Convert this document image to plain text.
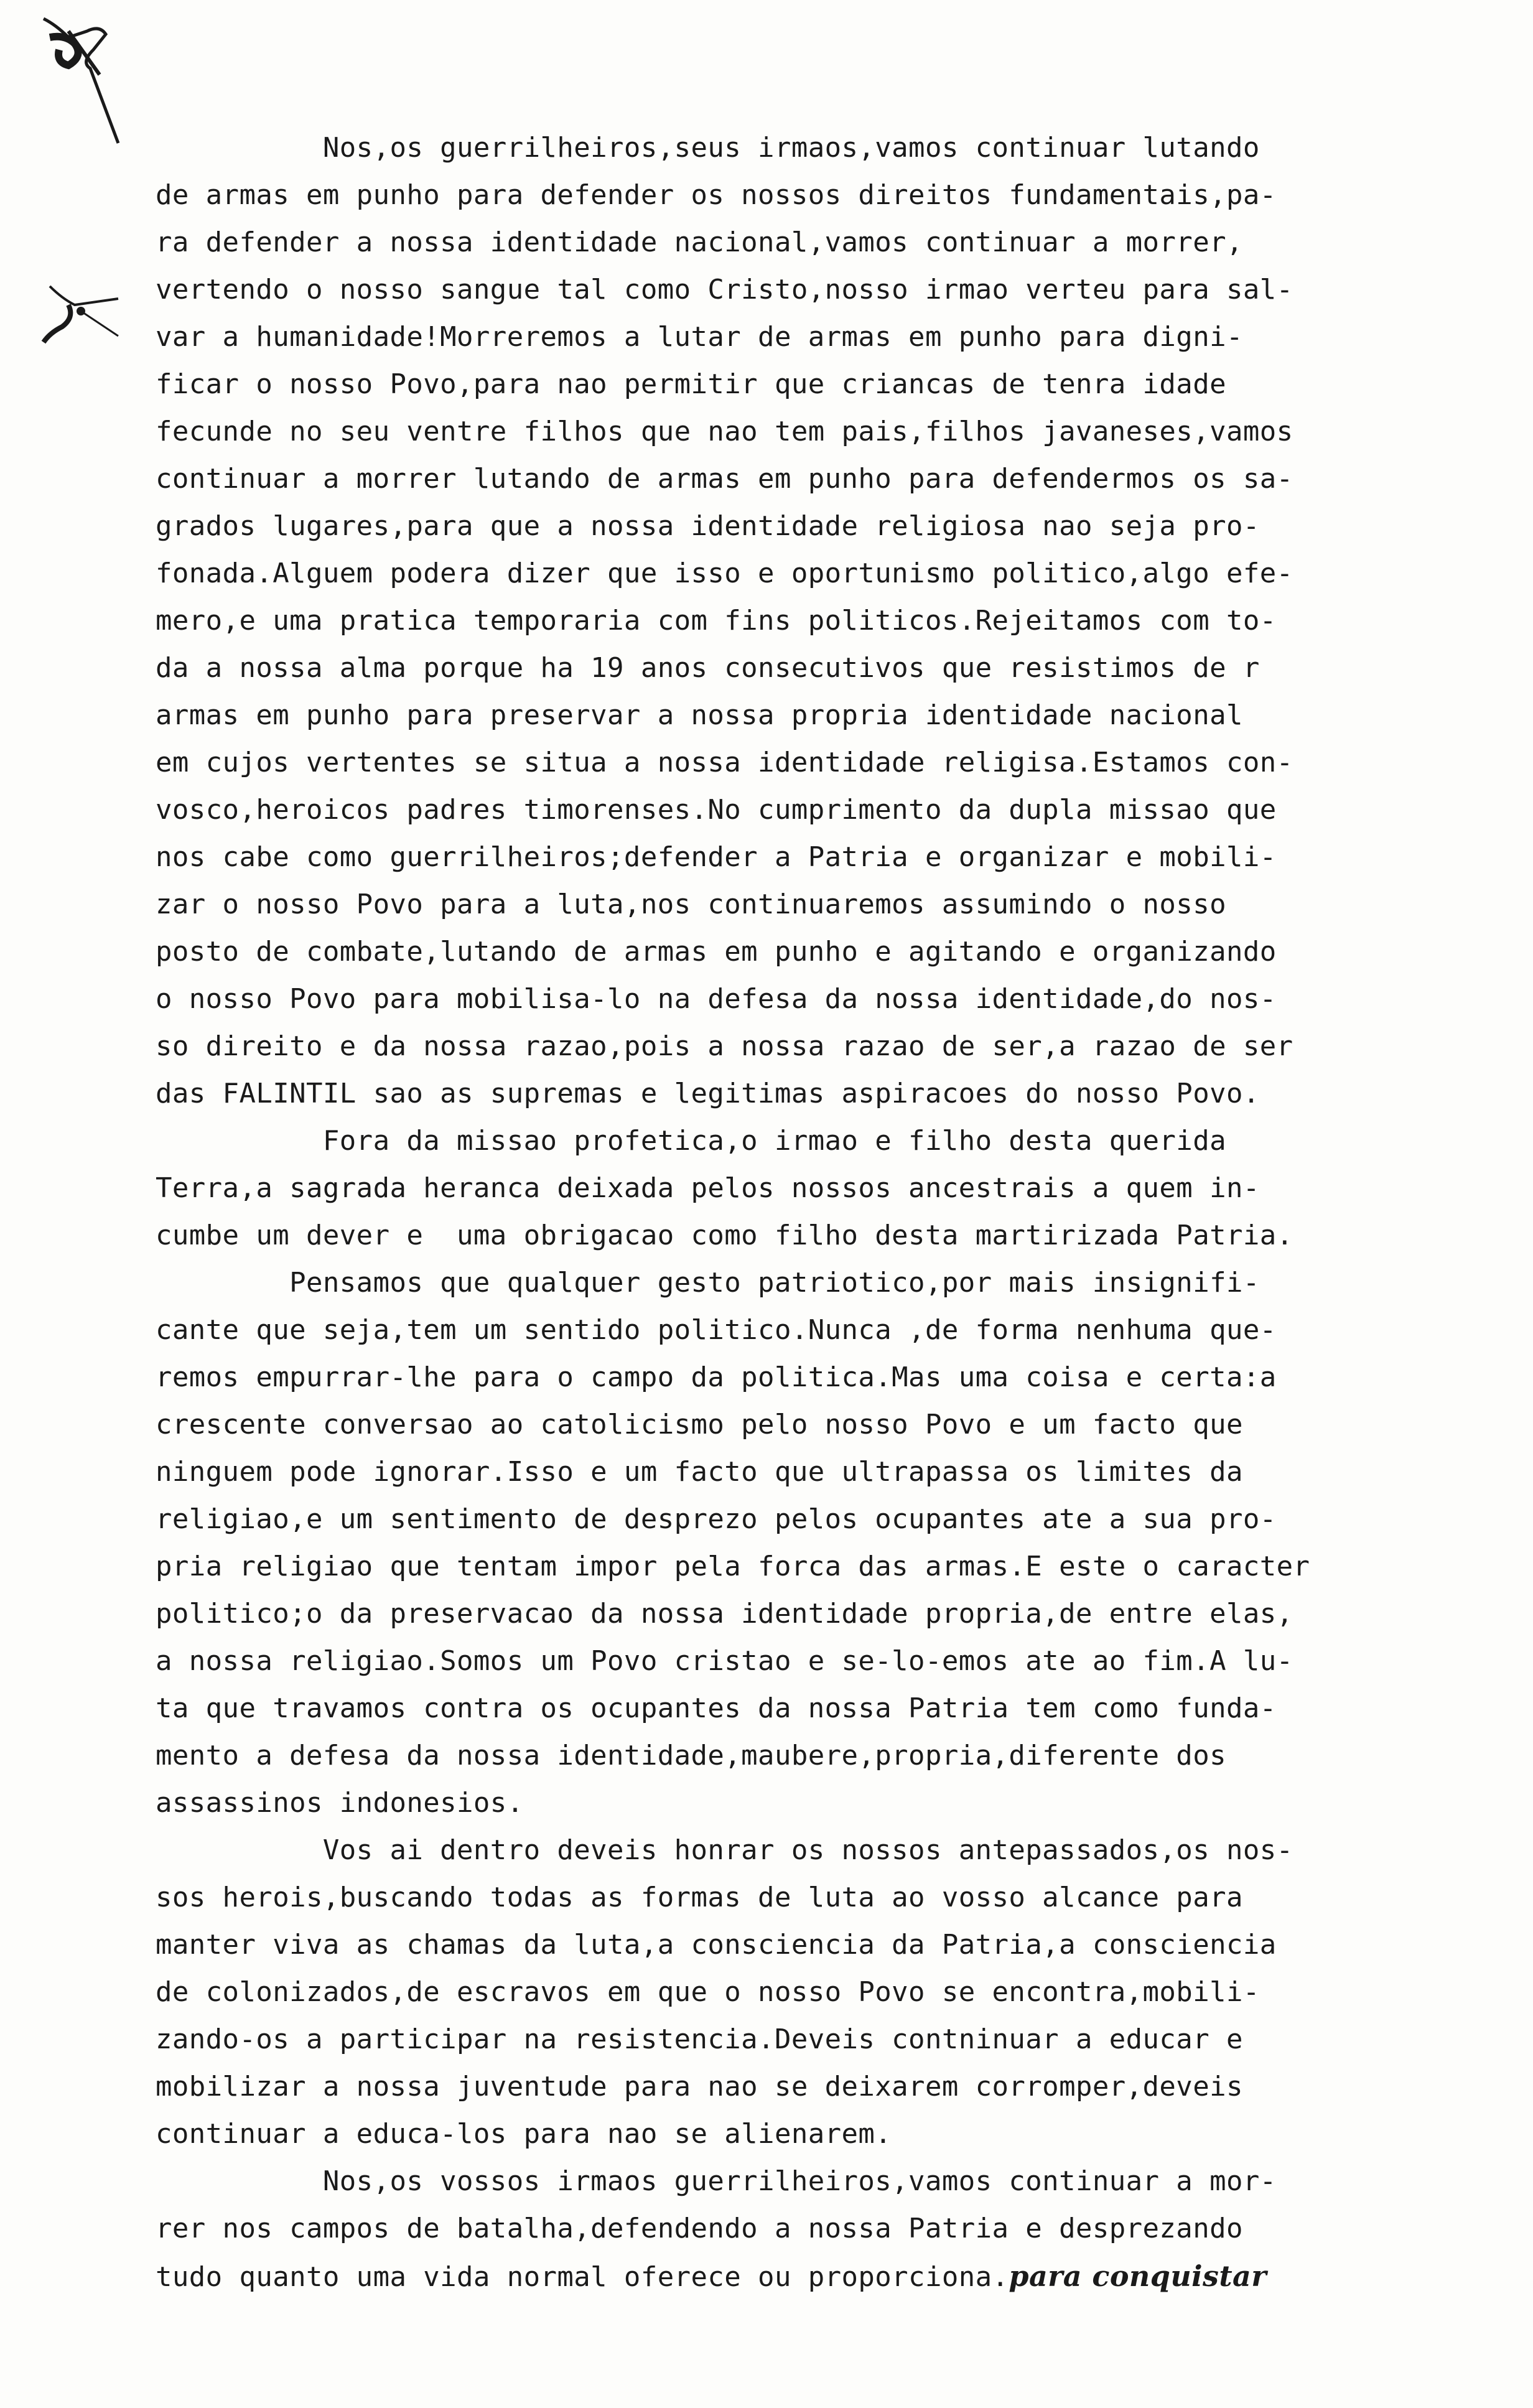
Nos,os guerrilheiros,seus irmaos,vamos continuar lutando
de armas em punho para defender os nossos direitos fundamentais,pa-
ra defender a nossa identidade nacional,vamos continuar a morrer,
vertendo o nosso sangue tal como Cristo,nosso irmao verteu para sal-
var a humanidade!Morreremos a lutar de armas em punho para digni-
ficar o nosso Povo,para nao permitir que criancas de tenra idade
fecunde no seu ventre filhos que nao tem pais,filhos javaneses,vamos
continuar a morrer lutando de armas em punho para defendermos os sa-
grados lugares,para que a nossa identidade religiosa nao seja pro-
fonada.Alguem podera dizer que isso e oportunismo politico,algo efe-
mero,e uma pratica temporaria com fins politicos.Rejeitamos com to-
da a nossa alma porque ha 19 anos consecutivos que resistimos de r
armas em punho para preservar a nossa propria identidade nacional
em cujos vertentes se situa a nossa identidade religisa.Estamos con-
vosco,heroicos padres timorenses.No cumprimento da dupla missao que
nos cabe como guerrilheiros;defender a Patria e organizar e mobili-
zar o nosso Povo para a luta,nos continuaremos assumindo o nosso
posto de combate,lutando de armas em punho e agitando e organizando
o nosso Povo para mobilisa-lo na defesa da nossa identidade,do nos-
so direito e da nossa razao,pois a nossa razao de ser,a razao de ser
das FALINTIL sao as supremas e legitimas aspiracoes do nosso Povo.
Fora da missao profetica,o irmao e filho desta querida
Terra,a sagrada heranca deixada pelos nossos ancestrais a quem in-
cumbe um dever e  uma obrigacao como filho desta martirizada Patria.
Pensamos que qualquer gesto patriotico,por mais insignifi-
cante que seja,tem um sentido politico.Nunca ,de forma nenhuma que-
remos empurrar-lhe para o campo da politica.Mas uma coisa e certa:a
crescente conversao ao catolicismo pelo nosso Povo e um facto que
ninguem pode ignorar.Isso e um facto que ultrapassa os limites da
religiao,e um sentimento de desprezo pelos ocupantes ate a sua pro-
pria religiao que tentam impor pela forca das armas.E este o caracter
politico;o da preservacao da nossa identidade propria,de entre elas,
a nossa religiao.Somos um Povo cristao e se-lo-emos ate ao fim.A lu-
ta que travamos contra os ocupantes da nossa Patria tem como funda-
mento a defesa da nossa identidade,maubere,propria,diferente dos
assassinos indonesios.
Vos ai dentro deveis honrar os nossos antepassados,os nos-
sos herois,buscando todas as formas de luta ao vosso alcance para
manter viva as chamas da luta,a consciencia da Patria,a consciencia
de colonizados,de escravos em que o nosso Povo se encontra,mobili-
zando-os a participar na resistencia.Deveis contninuar a educar e
mobilizar a nossa juventude para nao se deixarem corromper,deveis
continuar a educa-los para nao se alienarem.
Nos,os vossos irmaos guerrilheiros,vamos continuar a mor-
rer nos campos de batalha,defendendo a nossa Patria e desprezando
tudo quanto uma vida normal oferece ou proporciona.para conquistar
